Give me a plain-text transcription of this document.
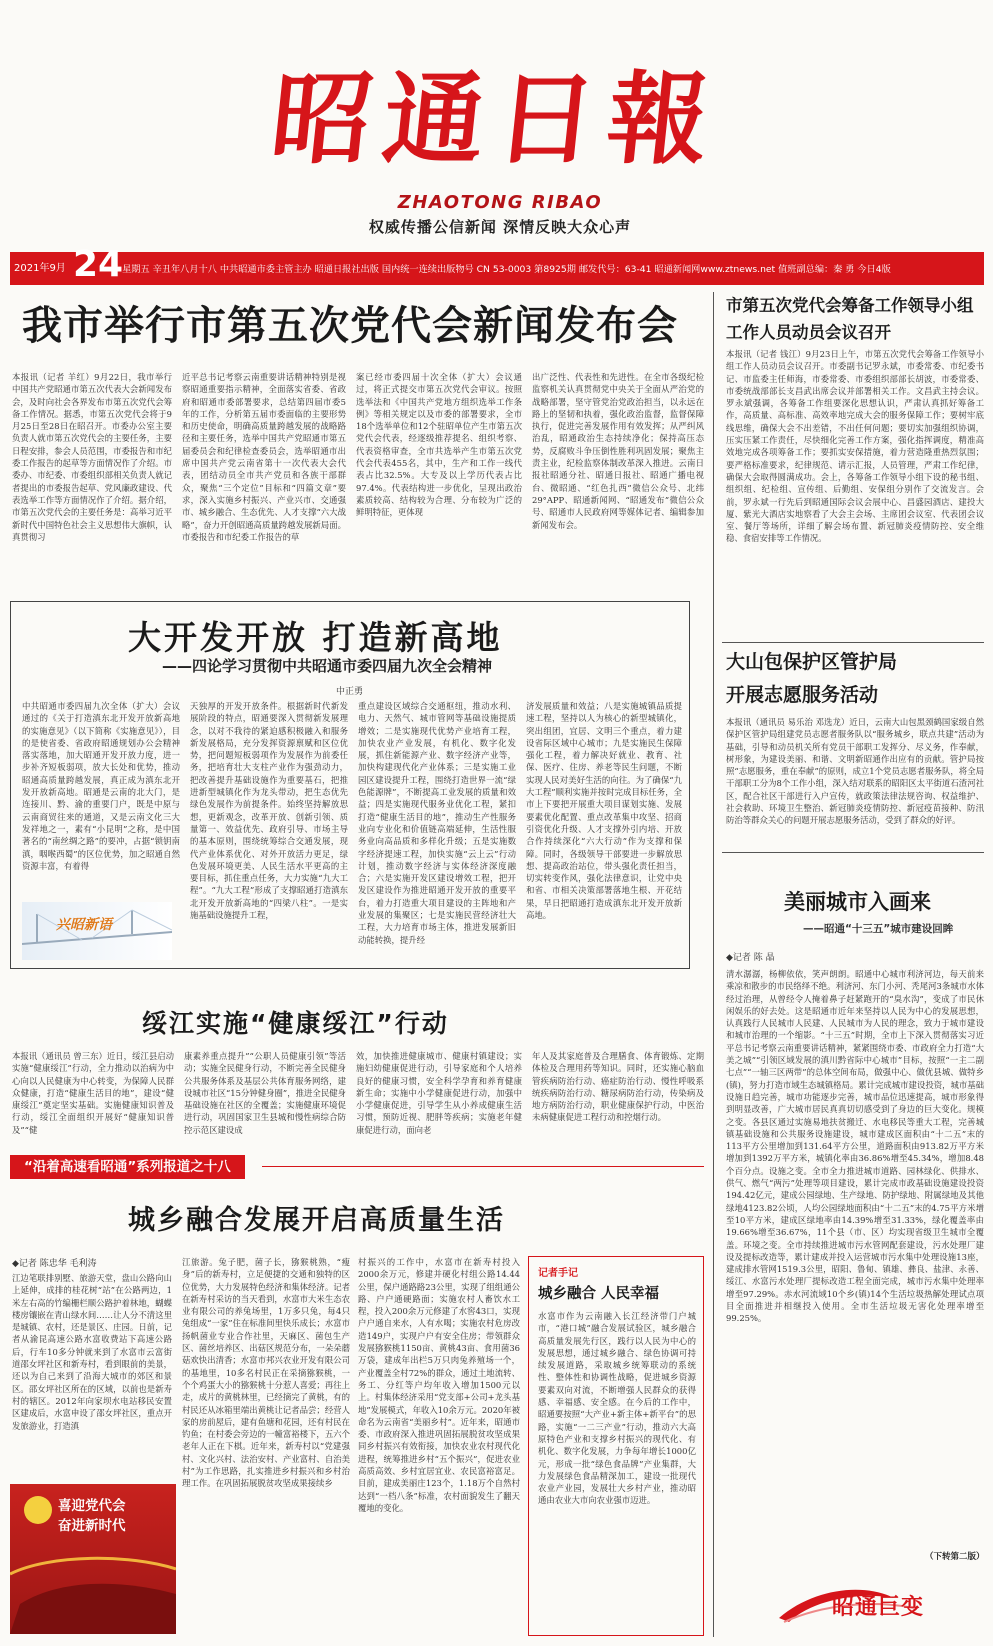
昭通日報
ZHAOTONG RIBAO
权威传播公信新闻 深情反映大众心声
2021年9月 24
日 星期五 辛丑年八月十八 中共昭通市委主管主办 昭通日报社出版 国内统一连续出版物号 CN 53-0003 第8925期 邮发代号：63-41 昭通新闻网www.ztnews.net 值班副总编：秦 勇 今日4版
我市举行市第五次党代会新闻发布会
本报讯（记者 羊红）9月22日，我市举行中国共产党昭通市第五次代表大会新闻发布会，及时向社会各界发布市第五次党代会筹备工作情况。据悉，市第五次党代会将于9月25日至28日在昭召开。市委办公室主要负责人就市第五次党代会的主要任务，主要日程安排，参会人员范围，市委报告和市纪委工作报告的起草等方面情况作了介绍。市委办、市纪委、市委组织部相关负责人就记者提出的市委报告起草、党风廉政建设、代表选举工作等方面情况作了介绍。据介绍，市第五次党代会的主要任务是：高举习近平新时代中国特色社会主义思想伟大旗帜，认真贯彻习
近平总书记考察云南重要讲话精神特别是视察昭通重要指示精神，全面落实省委、省政府和昭通市委部署要求，总结第四届市委5年的工作，分析第五届市委面临的主要形势和历史使命，明确高质量跨越发展的战略路径和主要任务，选举中国共产党昭通市第五届委员会和纪律检查委员会，选举昭通市出席中国共产党云南省第十一次代表大会代表，团结动员全市共产党员和各族干部群众，聚焦“三个定位”目标和“四篇文章”要求，深入实施乡村振兴、产业兴市、交通强市、城乡融合、生态优先、人才支撑“六大战略”，奋力开创昭通高质量跨越发展新局面。市委报告和市纪委工作报告的草
案已经市委四届十次全体（扩大）会议通过，将正式提交市第五次党代会审议。按照选举法和《中国共产党地方组织选举工作条例》等相关规定以及市委的部署要求，全市18个选举单位和12个驻昭单位产生市第五次党代会代表，经逐级推荐提名、组织考察、代表资格审查，全市共选举产生市第五次党代会代表455名，其中，生产和工作一线代表占比32.5%。大专及以上学历代表占比97.4%。代表结构进一步优化，呈现出政治素质较高、结构较为合理、分布较为广泛的鲜明特征，更体现
出广泛性、代表性和先进性。在全市各级纪检监察机关认真贯彻党中央关于全面从严治党的战略部署，坚守管党治党政治担当，以永远在路上的坚韧和执着，强化政治监督，监督保障执行，促进完善发展作用有效发挥；从严纠风治乱，昭通政治生态持续净化；保持高压态势，反腐败斗争压倒性胜利巩固发展；聚焦主责主业，纪检监察体制改革深入推进。云南日报社昭通分社、昭通日报社、昭通广播电视台、微昭通、“红色扎西”微信公众号、北纬29°APP、昭通新闻网、“昭通发布”微信公众号、昭通市人民政府网等媒体记者、编辑参加新闻发布会。
市第五次党代会筹备工作领导小组
工作人员动员会议召开
本报讯（记者 钱江）9月23日上午，市第五次党代会筹备工作领导小组工作人员动员会议召开。市委副书记罗永斌，市委常委、市纪委书记、市监委主任师海，市委常委、市委组织部部长胡波，市委常委、市委统战部部长支昌武出席会议并部署相关工作。文昌武主持会议。罗永斌强调，各筹备工作组要深化思想认识，严肃认真抓好筹备工作，高质量、高标准、高效率地完成大会的服务保障工作；要树牢底线思维，确保大会不出差错，不出任何问题；要切实加强组织协调，压实压紧工作责任，尽快细化完善工作方案，强化指挥调度，精准高效地完成各项筹备工作；要抓实安保措施，着力营造隆重热烈氛围；要严格标准要求，纪律规范、请示汇报，人员管理，严肃工作纪律，确保大会取得圆满成功。会上，各筹备工作领导小组下设的秘书组、组织组、纪检组、宣传组、后勤组、安保组分别作了交流发言。会前，罗永斌一行先后到昭通国际会议会展中心、昌盛园酒店、建投大厦、紫光大酒店实地察看了大会主会场、主席团会议室、代表团会议室、餐厅等场所，详细了解会场布置、新冠肺炎疫情防控、安全维稳、食宿安排等工作情况。
大山包保护区管护局
开展志愿服务活动
本报讯（通讯员 易乐治 邓选龙）近日，云南大山包黑颈鹤国家级自然保护区管护局组建党员志愿者服务队以“服务城乡，联点共建”活动为基础，引导和动员机关所有党员干部职工发挥分、尽义务，作奉献，树形象，为建设美丽、和谐、文明新昭通作出应有的贡献。管护局按照“志愿服务，重在奉献”的原则，成立1个党员志愿者服务队，将全局干部职工分为8个工作小组，深入结对联系的昭阳区太平街道石渣河社区，配合社区干部进行入户宣传，就政策法律法规咨询、权益维护、社会救助、环境卫生整治、新冠肺炎疫情防控、新冠疫苗接种、防汛防治等群众关心的问题开展志愿服务活动，受到了群众的好评。
美丽城市入画来
——昭通“十三五”城市建设回眸
◆记者 陈 晶
清水潺潺，杨柳依依，笑声朗朗。昭通中心城市利济河边，每天前来乘凉和散步的市民络绎不绝。利济河、东门小河、秃尾河3条城市水体经过治理，从曾经令人掩着鼻子赶紧跑开的“臭水沟”，变成了市民休闲娱乐的好去处。这是昭通市近年来坚持以人民为中心的发展思想，认真践行人民城市人民建、人民城市为人民的理念，致力于城市建设和城市治理的一个缩影。“十三五”时期，全市上下深入贯彻落实习近平总书记考察云南重要讲话精神，紧紧围绕市委、市政府全力打造“大美之城”“引领区域发展的滇川黔省际中心城市”目标，按照“一主二副七点”“一轴三区两带”的总体空间布局，做强中心、做优县城、做特乡(镇)，努力打造市域生态城镇格局。累计完成城市建设投资，城市基础设施日趋完善，城市功能逐步完善，城市品位迅速提高，城市形象得到明显改善，广大城市居民真真切切感受到了身边的巨大变化。规模之变。各县区通过实施易地扶贫搬迁、水电移民等重大工程，完善城镇基础设施和公共服务设施建设，城市建成区面积由“十二五”末的113平方公里增加到131.64平方公里，道路面积由913.82万平方米增加到1392万平方米，城镇化率由36.86%增至45.34%，增加8.48个百分点。设施之变。全市全力推进城市道路、园林绿化、供排水、供气、燃气“两污”处理等项目建设，累计完成市政基础设施建设投资194.42亿元，建成公园绿地、生产绿地、防护绿地、附属绿地及其他绿地4123.82公顷，人均公园绿地面积由“十二五”末的4.75平方米增至10平方米，建成区绿地率由14.39%增至31.33%，绿化覆盖率由19.66%增至36.67%，11个县（市、区）均实现省级卫生城市全覆盖。环境之变。全市持续推进城市污水管网配套建设，污水处理厂建设及提标改造等，累计建成并投入运营城市污水集中处理设施13座，建成排水管网1519.3公里，昭阳、鲁甸、镇雄、彝良、盐津、永善、绥江、水富污水处理厂提标改造工程全面完成，城市污水集中处理率增至97.29%。赤水河流域10个乡(镇)14个生活垃圾热解处理试点项目全面推进并相继投入使用。全市生活垃圾无害化处理率增至99.25%。
（下转第二版）
昭通巨变
大开发开放 打造新高地
——四论学习贯彻中共昭通市委四届九次全会精神
中正勇
中共昭通市委四届九次全体（扩大）会议通过的《关于打造滇东北开发开放新高地的实施意见》（以下简称《实施意见》），目的是使省委、省政府昭通规划办公会精神落实落地，加大昭通开发开放力度，进一步补齐短板弱项，放大长处和优势，推动昭通高质量跨越发展，真正成为滇东北开发开放新高地。昭通是云南的北大门，是连接川、黔、渝的重要门户，既是中原与云南商贸往来的通道，又是云南文化三大发祥地之一，素有“小昆明”之称，是中国著名的“南丝绸之路”的要冲，占据“锁钥南滇，咽喉西蜀”的区位优势，加之昭通自然资源丰富，有着得
兴昭新语
天独厚的开发开放条件。根据新时代新发展阶段的特点，昭通要深入贯彻新发展理念，以对不我待的紧迫感积极融入和服务新发展格局，充分发挥资源禀赋和区位优势，把问题短板弱项作为发展作为前委任务，把培育壮大支柱产业作为强劲动力，把改善提升基础设施作为重要基石，把推进新型城镇化作为龙头带动，把生态优先绿色发展作为前提条件。始终坚持解放思想，更新观念，改革开放、创新引领、质量第一、效益优先、政府引导、市场主导的基本原则，围绕统筹综合交通发展，现代产业体系优化、对外开放活力更足，绿色发展环境更美、人民生活水平更高的主要目标，抓住重点任务，大力实施“九大工程”。“九大工程”形成了支撑昭通打造滇东北开发开放新高地的“四梁八柱”。一是实施基础设施提升工程，
重点建设区域综合交通枢纽，推动水利、电力、天然气、城市管网等基础设施提质增效；二是实施现代优势产业培育工程，加快农业产业发展，有机化、数字化发展，抓住新能源产业、数字经济产业等，加快构建现代化产业体系；三是实施工业园区建设提升工程，围绕打造世界一流“绿色能源牌”，不断提高工业发展的质量和效益；四是实施现代服务业优化工程，紧扣打造“健康生活目的地”，推动生产性服务业向专业化和价值链高端延伸，生活性服务业向高品质和多样化升级；五是实施数字经济提速工程，加快实施“云上云”行动计划，推动数字经济与实体经济深度融合；六是实施开发区建设增效工程，把开发区建设作为推进昭通开发开放的重要平台，着力打造重大项目建设的主阵地和产业发展的集聚区；七是实施民营经济壮大工程，大力培育市场主体，推进发展新旧动能转换，提升经
济发展质量和效益；八是实施城镇品质提速工程，坚持以人为核心的新型城镇化，突出组团，宜居、文明三个重点，着力建设省际区域中心城市；九是实施民生保障强化工程，着力解决好就业、教育、社保、医疗、住房、养老等民生问题，不断实现人民对美好生活的向往。为了确保“九大工程”顺利实施并按时完成目标任务，全市上下要把开展重大项目谋划实施、发展要素优化配置、重点改革集中攻坚、招商引资优化升级、人才支撑外引内培、开放合作持续深化“六大行动”作为支撑和保障。同时，各级领导干部要进一步解放思想、提高政治站位，带头强化责任担当，切实转变作风，强化法律意识，让党中央和省、市相关决策部署落地生根、开花结果，早日把昭通打造成滇东北开发开放新高地。
绥江实施“健康绥江”行动
本报讯（通讯员 曾三东）近日，绥江县启动实施“健康绥江”行动，全力推动以治病为中心向以人民健康为中心转变，为保障人民群众健康，打造“健康生活目的地”，建设“健康绥江”奠定坚实基础。实施健康知识普及行动，绥江全面组织开展好“健康知识普及”“健
康素养重点提升”“公职人员健康引领”等活动；实施全民健身行动，不断完善全民健身公共服务体系及基层公共体育服务网络，建设城市社区“15分钟健身圈”，推进全民健身基础设施在社区的全覆盖；实施健康环境促进行动，巩固国家卫生县城和慢性病综合防控示范区建设成
效，加快推进健康城市、健康村镇建设；实施妇幼健康促进行动，引导家庭和个人培养良好的健康习惯，安全科学孕育和养育健康新生命；实施中小学健康促进行动，加强中小学健康促进，引导学生从小养成健康生活习惯，预防近视、肥胖等疾病；实施老年健康促进行动，面向老
年人及其家庭普及合理膳食、体育锻炼、定期体检及合理用药等知识。同时，还实施心脑血管疾病防治行动、癌症防治行动、慢性呼吸系统疾病防治行动、糖尿病防治行动，传染病及地方病防治行动，职业健康保护行动，中医治未病健康促进工程行动和控烟行动。
“沿着高速看昭通”系列报道之十八
城乡融合发展开启高质量生活
◆记者 陈忠华 毛利涛
江边笔联排别墅、旅游天堂，盘山公路向山上延伸，成排的桂花树“站”在公路两边，1米左右高的竹编栅栏顺公路护着林地，蝴蝶楼房镶嵌在青山绿水间……让人分不清这里是城镇、农村，还是景区、庄园。日前，记者从渝昆高速公路水富收费站下高速公路后，行车10多分钟就来到了水富市云富街道邵女坪社区和新寿村，看到眼前的美景，还以为自己来到了沿海大城市的郊区和景区。邵女坪社区所在的区域，以前也是新寿村的辖区。2012年向家坝水电站移民安置区建成后，水富申设了邵女坪社区，重点开发旅游业，打造滇
江旅游。兔子肥，菌子长，猕猴桃熟，“瘦身”后的新寿村，立足便捷的交通和独特的区位优势，大力发展特色经济和集体经济。记者在新寿村采访的当天看到，水富市大米生态农业有限公司的养兔场里，1万多只兔，每4只兔组成“一家”住在标准间里快乐成长；水富市扬帆菌业专业合作社里，天麻区、菌包生产区、菌丝培养区、出菇区规范分布，一朵朵蘑菇欢快出清香；水富市邦兴农业开发有限公司的基地里，10多名村民正在采摘猕猴桃，一个个鸡蛋大小的猕猴桃十分惹人喜爱；再往上走，成片的黄桃林里，已经摘完了黄桃，有的村民还从冰箱里端出黄桃让记者品尝；经营人家的房前屋后，建有鱼塘和花园，还有村民在钓鱼；在村委会旁边的一幢富裕楼下，五六个老年人正在下棋。近年来，新寿村以“党建强村、文化兴村、法治安村、产业富村、自治美村”为工作思路，扎实推进乡村振兴和乡村治理工作。在巩固拓展脱贫攻坚成果接续乡
村振兴的工作中，水富市在新寿村投入2000余万元，修建并硬化村组公路14.44公里，保户通路路23公里，实现了组组通公路、户户通硬路面；实施农村人畜饮水工程，投入200余万元修建了水窖43口，实现户户通自来水，人有水喝；实施农村危房改造149户，实现户户有安全住房；带领群众发展猕猴桃1150亩、黄桃43亩、食用菌36万袋，建成年出栏5万只肉兔养殖场一个，产业覆盖全村72%的群众，通过土地流转、务工、分红等户均年收入增加1500元以上。村集体经济采用“党支部+公司+龙头基地”发展模式，年收入10余万元。2020年被命名为云南省“美丽乡村”。近年来，昭通市委、市政府深入推进巩固拓展脱贫攻坚成果同乡村振兴有效衔接，加快农业农村现代化进程，统筹推进乡村“五个振兴”，促进农业高质高效、乡村宜居宜业、农民富裕富足。目前，建成美丽庄123个，1.18万个自然村达到“一档八条”标准，农村面貌发生了翻天覆地的变化。
喜迎党代会
奋进新时代
记者手记
城乡融合 人民幸福
水富市作为云南融入长江经济带门户城市，“港口城”融合发展试验区，城乡融合高质量发展先行区，践行以人民为中心的发展思想，通过城乡融合、绿色协调可持续发展道路，采取城乡统筹联动的系统性、整体性和协调性战略，促进城乡资源要素双向对流，不断增强人民群众的获得感、幸福感、安全感。在今后的工作中，昭通要按照“大产业+新主体+新平台”的思路，实施“一二三产业”行动，推动六大高原特色产业和支撑乡村振兴的现代化、有机化、数字化发展，力争每年增长1000亿元，形成一批“绿色食品牌”产业集群，大力发展绿色食品精深加工，建设一批现代农业产业园，发展壮大乡村产业，推动昭通由农业大市向农业强市迈进。
